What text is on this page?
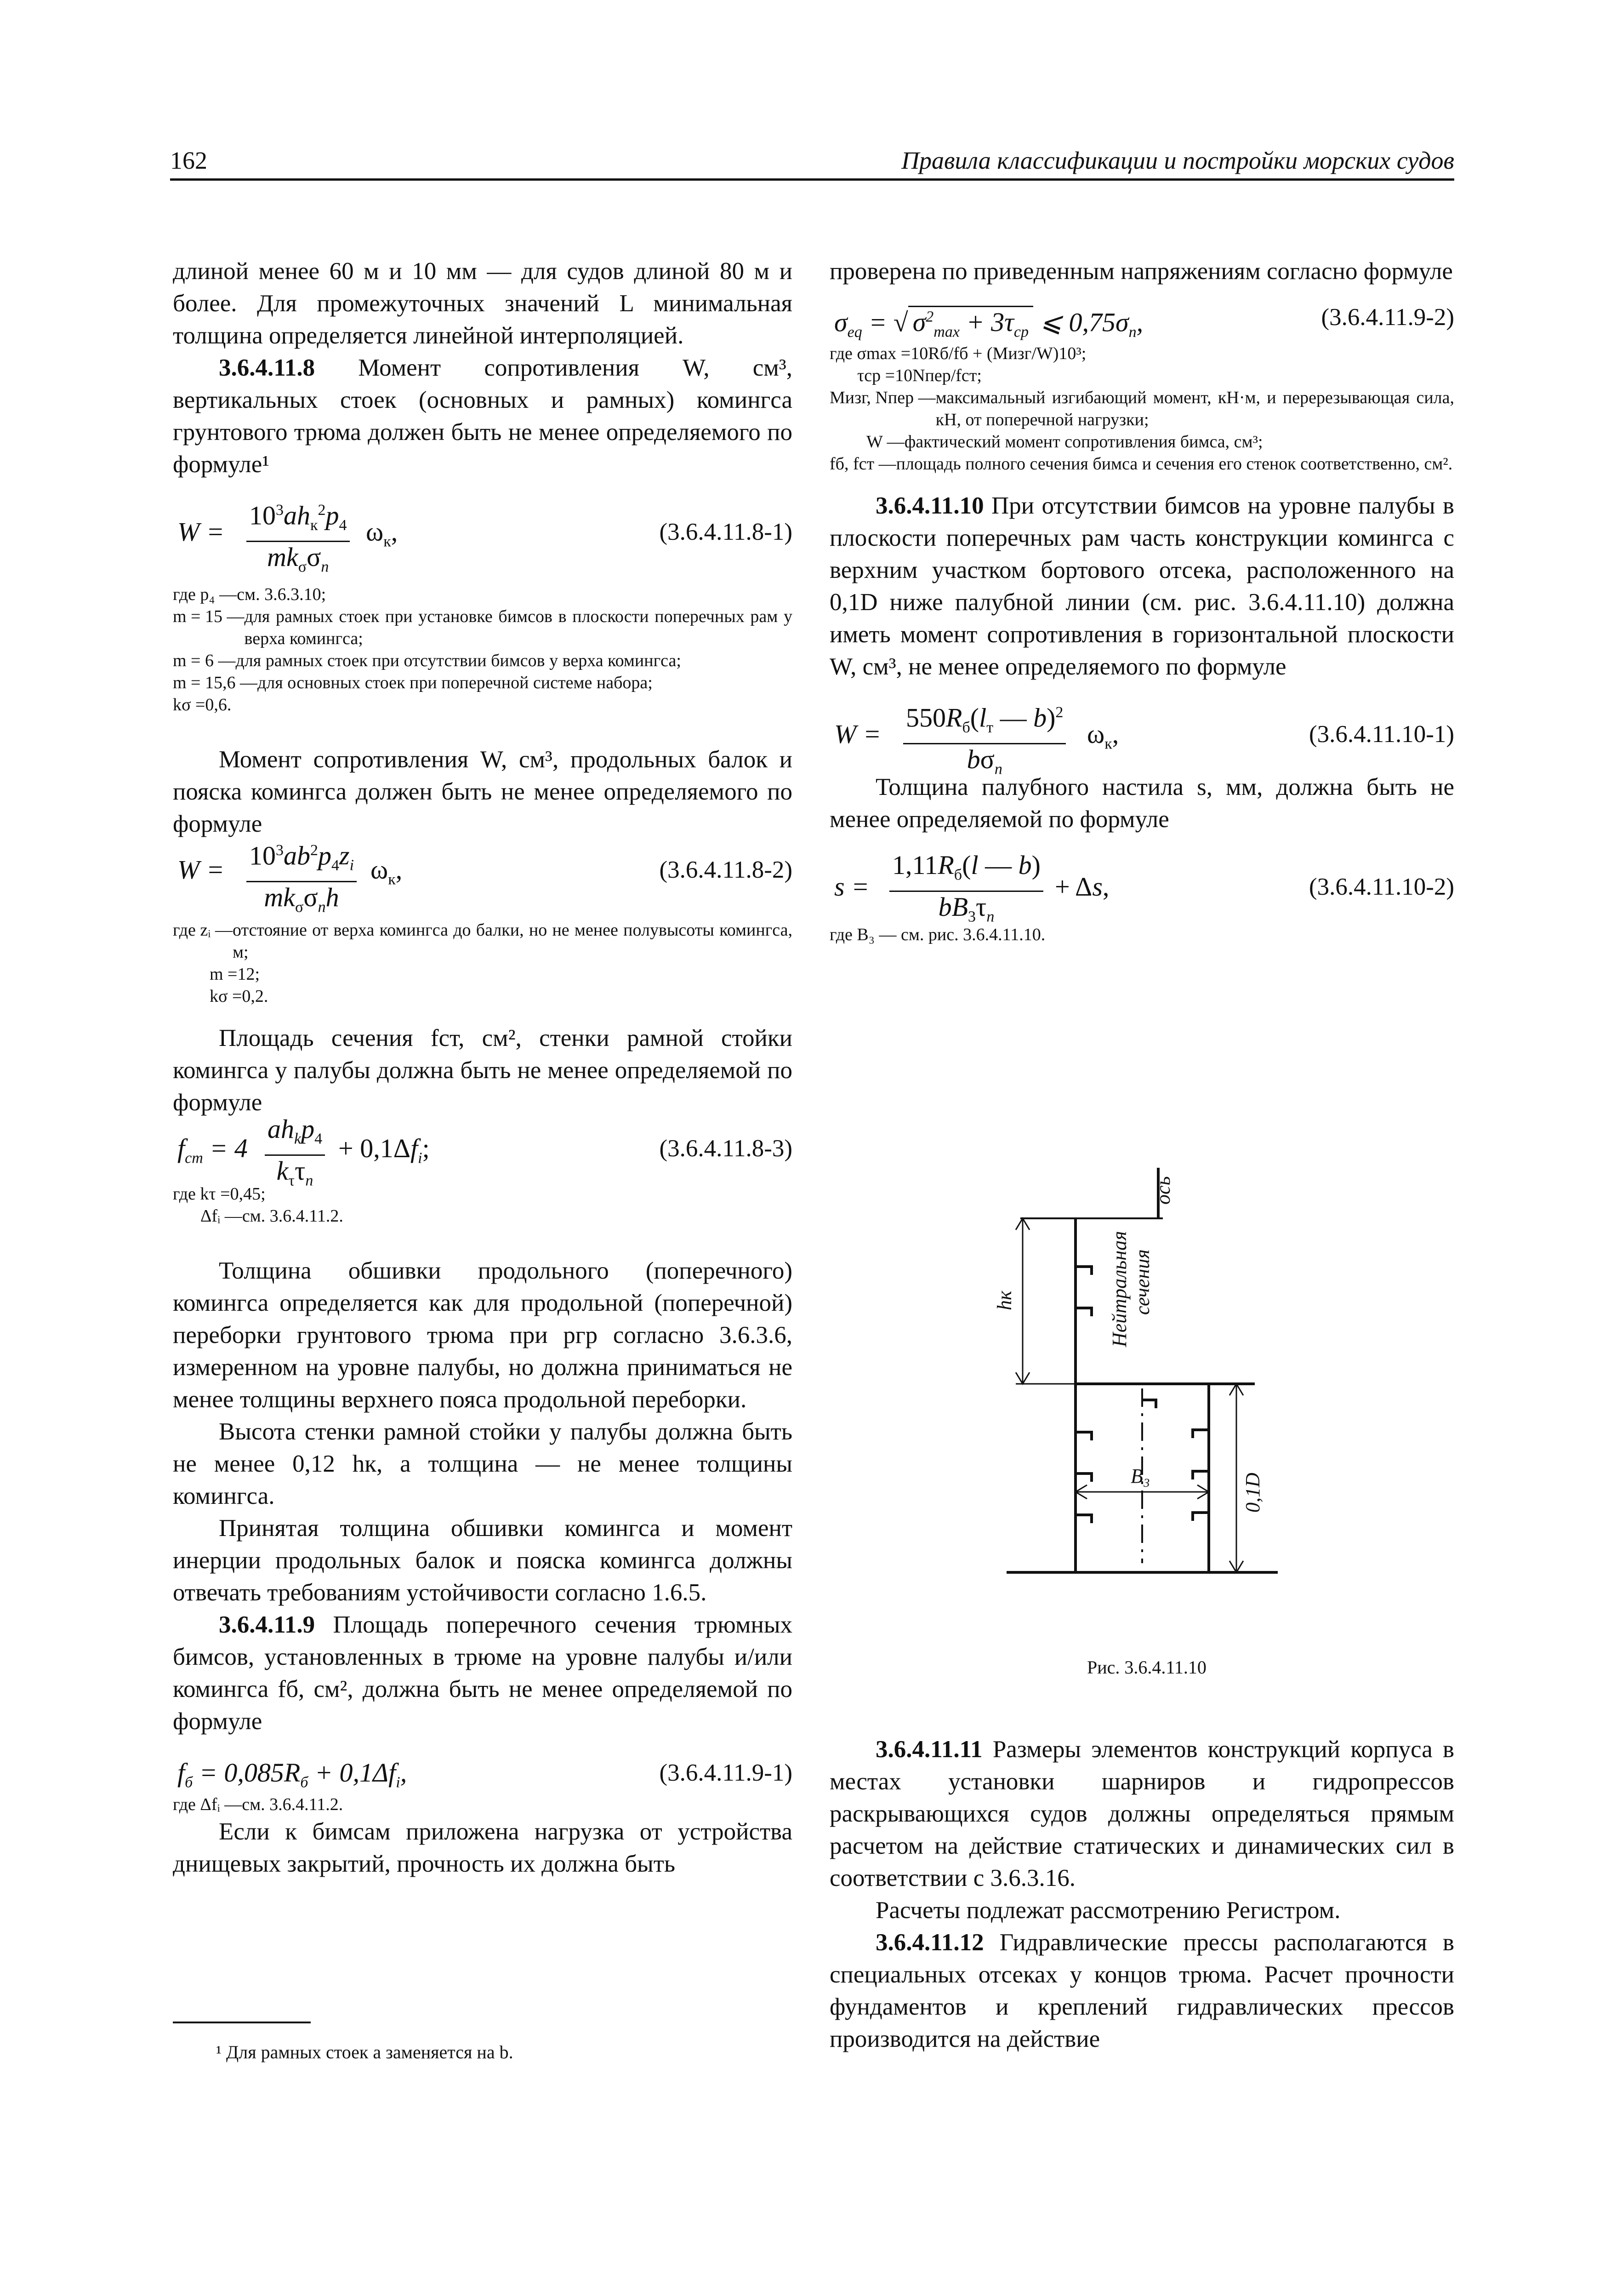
162	Правила классификации и постройки морских судов

длиной менее 60 м и 10 мм — для судов длиной 80 м и более. Для промежуточных значений L минимальная толщина определяется линейной интерполяцией.

3.6.4.11.8 Момент сопротивления W, см³, вертикальных стоек (основных и рамных) комингса грунтового трюма должен быть не менее определяемого по формуле¹

W =
$10^3ah_к^2p_4$
$mk_\sigma\sigma_n$
$\omega_к$,	(3.6.4.11.8-1)
где p₄ — см. 3.6.3.10;
m = 15 — для рамных стоек при установке бимсов в плоскости поперечных рам у верха комингса;
m = 6 — для рамных стоек при отсутствии бимсов у верха комингса;
m = 15,6 — для основных стоек при поперечной системе набора;
kσ = 0,6.

Момент сопротивления W, см³, продольных балок и пояска комингса должен быть не менее определяемого по формуле

$W = 10^3ab^2p_4z_i$
$mk_\sigma\sigma_nh$
$\omega_к$,	(3.6.4.11.8-2)
где zᵢ — отстояние от верха комингса до балки, но не менее полувысоты комингса, м;
m = 12;
kσ = 0,2.

Площадь сечения fст, см², стенки рамной стойки комингса у палубы должна быть не менее определяемой по формуле

$f_{ст} = 4$
$ah_kp_4$
$k_\tau\tau_n$
+ $0,1\Delta f_i$;	(3.6.4.11.8-3)
где kτ = 0,45;
Δfᵢ — см. 3.6.4.11.2.

Толщина обшивки продольного (поперечного) комингса определяется как для продольной (поперечной) переборки грунтового трюма при pгр согласно 3.6.3.6, измеренном на уровне палубы, но должна приниматься не менее толщины верхнего пояса продольной переборки.

Высота стенки рамной стойки у палубы должна быть не менее 0,12 hк, а толщина — не менее толщины комингса.

Принятая толщина обшивки комингса и момент инерции продольных балок и пояска комингса должны отвечать требованиям устойчивости согласно 1.6.5.

3.6.4.11.9 Площадь поперечного сечения трюмных бимсов, установленных в трюме на уровне палубы и/или комингса fб, см², должна быть не менее определяемой по формуле

$f_б = 0,085R_б + 0,1\Delta f_i$,	(3.6.4.11.9-1)
где Δfᵢ — см. 3.6.4.11.2.

Если к бимсам приложена нагрузка от устройства днищевых закрытий, прочность их должна быть

¹ Для рамных стоек a заменяется на b.

проверена по приведенным напряжениям согласно формуле

$\sigma_{eq}$ = √ $\sigma^2_{max} + 3\tau_{ср}$ ⩽ $0,75\sigma_n$,	(3.6.4.11.9-2)
где σmax = 10Rб/fб + (Mизг/W)10³;
τср = 10Nпер/fст;
Mизг, Nпер — максимальный изгибающий момент, кН·м, и перерезывающая сила, кН, от поперечной нагрузки;
W — фактический момент сопротивления бимса, см³;
fб, fст — площадь полного сечения бимса и сечения его стенок соответственно, см².

3.6.4.11.10 При отсутствии бимсов на уровне палубы в плоскости поперечных рам часть конструкции комингса с верхним участком бортового отсека, расположенного на 0,1D ниже палубной линии (см. рис. 3.6.4.11.10) должна иметь момент сопротивления в горизонтальной плоскости W, см³, не менее определяемого по формуле

W =
$550R_б(l_т$ — b)$^2$
$b\sigma_n$
$\omega_к$,	(3.6.4.11.10-1)

Толщина палубного настила s, мм, должна быть не менее определяемой по формуле

s =
$1,11R_б(l$ — b)
$bB_3\tau_n$
+ Δs,	(3.6.4.11.10-2)
где B₃ — см. рис. 3.6.4.11.10.
ось
Нейтральная сечения
hк
B₃	0,1D
Рис. 3.6.4.11.10

3.6.4.11.11 Размеры элементов конструкций корпуса в местах установки шарниров и гидропрессов раскрывающихся судов должны определяться прямым расчетом на действие статических и динамических сил в соответствии с 3.6.3.16.

Расчеты подлежат рассмотрению Регистром.

3.6.4.11.12 Гидравлические прессы располагаются в специальных отсеках у концов трюма. Расчет прочности фундаментов и креплений гидравлических прессов производится на действие
